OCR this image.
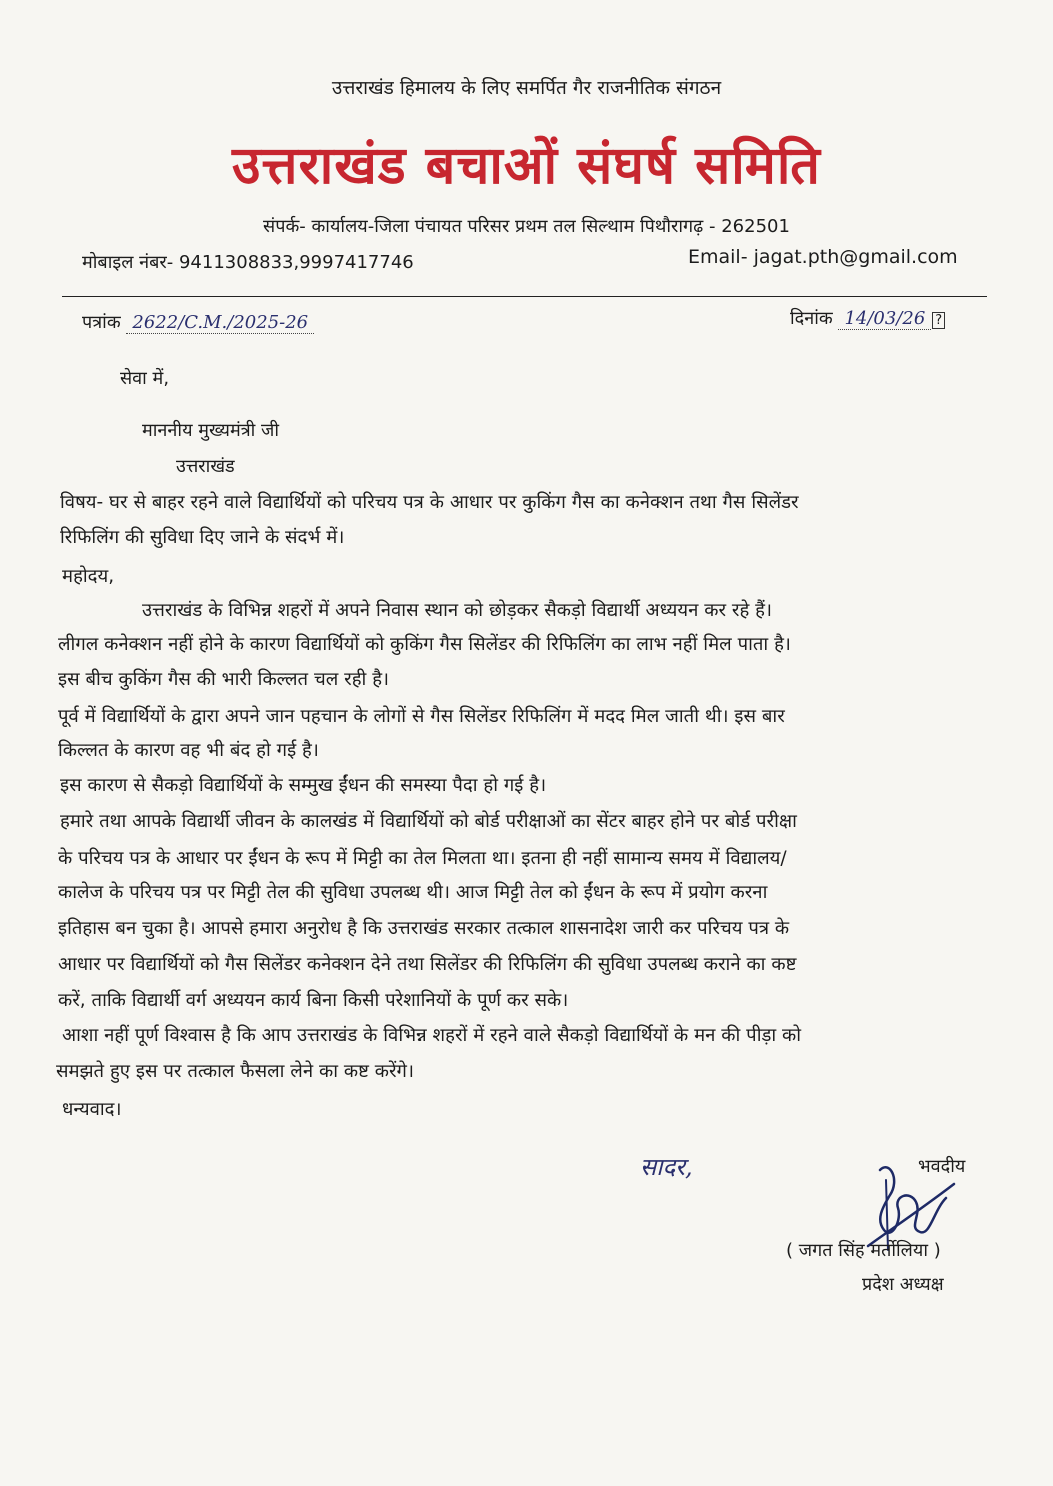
उत्तराखंड हिमालय के लिए समर्पित गैर राजनीतिक संगठन
उत्तराखंड बचाओं संघर्ष समिति
संपर्क- कार्यालय-जिला पंचायत परिसर प्रथम तल सिल्थाम पिथौरागढ़ - 262501
मोबाइल नंबर- 9411308833,9997417746	Email- jagat.pth@gmail.com
पत्रांक 2622/C.M./2025-26	दिनांक 14/03/26 ?
सेवा में,
माननीय मुख्यमंत्री जी
उत्तराखंड
विषय- घर से बाहर रहने वाले विद्यार्थियों को परिचय पत्र के आधार पर कुकिंग गैस का कनेक्शन तथा गैस सिलेंडर
रिफिलिंग की सुविधा दिए जाने के संदर्भ में।
महोदय,
उत्तराखंड के विभिन्न शहरों में अपने निवास स्थान को छोड़कर सैकड़ो विद्यार्थी अध्ययन कर रहे हैं।
लीगल कनेक्शन नहीं होने के कारण विद्यार्थियों को कुकिंग गैस सिलेंडर की रिफिलिंग का लाभ नहीं मिल पाता है।
इस बीच कुकिंग गैस की भारी किल्लत चल रही है।
पूर्व में विद्यार्थियों के द्वारा अपने जान पहचान के लोगों से गैस सिलेंडर रिफिलिंग में मदद मिल जाती थी। इस बार
किल्लत के कारण वह भी बंद हो गई है।
इस कारण से सैकड़ो विद्यार्थियों के सम्मुख ईंधन की समस्या पैदा हो गई है।
हमारे तथा आपके विद्यार्थी जीवन के कालखंड में विद्यार्थियों को बोर्ड परीक्षाओं का सेंटर बाहर होने पर बोर्ड परीक्षा
के परिचय पत्र के आधार पर ईंधन के रूप में मिट्टी का तेल मिलता था। इतना ही नहीं सामान्य समय में विद्यालय/
कालेज के परिचय पत्र पर मिट्टी तेल की सुविधा उपलब्ध थी। आज मिट्टी तेल को ईंधन के रूप में प्रयोग करना
इतिहास बन चुका है। आपसे हमारा अनुरोध है कि उत्तराखंड सरकार तत्काल शासनादेश जारी कर परिचय पत्र के
आधार पर विद्यार्थियों को गैस सिलेंडर कनेक्शन देने तथा सिलेंडर की रिफिलिंग की सुविधा उपलब्ध कराने का कष्ट
करें, ताकि विद्यार्थी वर्ग अध्ययन कार्य बिना किसी परेशानियों के पूर्ण कर सके।
आशा नहीं पूर्ण विश्वास है कि आप उत्तराखंड के विभिन्न शहरों में रहने वाले सैकड़ो विद्यार्थियों के मन की पीड़ा को
समझते हुए इस पर तत्काल फैसला लेने का कष्ट करेंगे।
धन्यवाद।
सादर,	भवदीय
( जगत सिंह मर्तोलिया )
प्रदेश अध्यक्ष
